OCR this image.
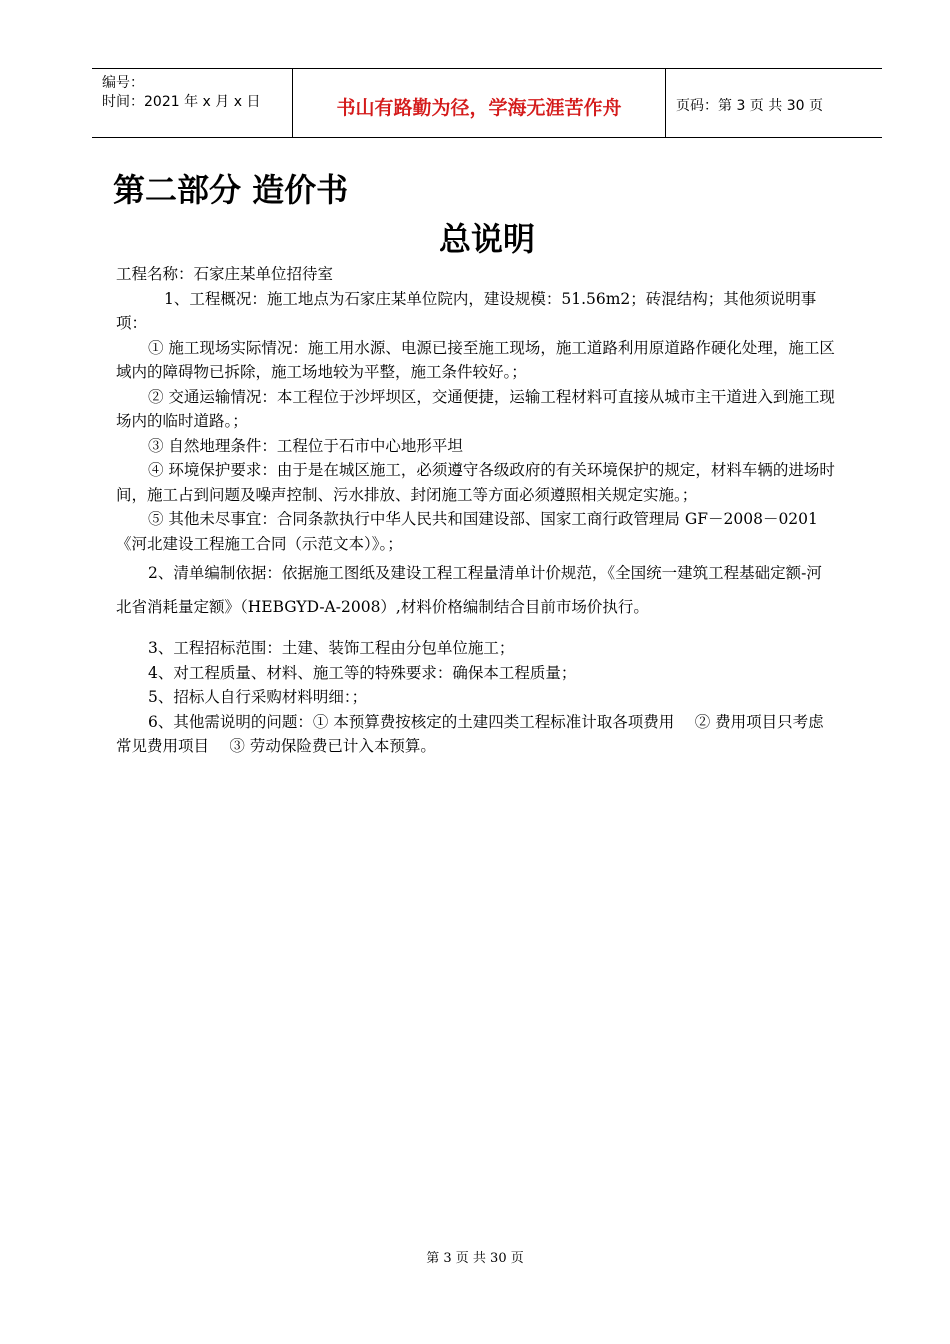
编号：
时间：2021 年 x 月 x 日	书山有路勤为径，学海无涯苦作舟	页码：第 3 页 共 30 页
第二部分 造价书
总说明

工程名称：石家庄某单位招待室

1、工程概况：施工地点为石家庄某单位院内，建设规模：51.56m2；砖混结构；其他须说明事项：

① 施工现场实际情况：施工用水源、电源已接至施工现场，施工道路利用原道路作硬化处理，施工区域内的障碍物已拆除，施工场地较为平整，施工条件较好。；

② 交通运输情况：本工程位于沙坪坝区，交通便捷，运输工程材料可直接从城市主干道进入到施工现场内的临时道路。；

③ 自然地理条件：工程位于石市中心地形平坦

④ 环境保护要求：由于是在城区施工，必须遵守各级政府的有关环境保护的规定，材料车辆的进场时间，施工占到问题及噪声控制、污水排放、封闭施工等方面必须遵照相关规定实施。；

⑤ 其他未尽事宜：合同条款执行中华人民共和国建设部、国家工商行政管理局 GF－2008－0201《河北建设工程施工合同（示范文本）》。；

2、清单编制依据：依据施工图纸及建设工程工程量清单计价规范，《全国统一建筑工程基础定额-河北省消耗量定额》（HEBGYD-A-2008）,材料价格编制结合目前市场价执行。

3、工程招标范围：土建、装饰工程由分包单位施工；

4、对工程质量、材料、施工等的特殊要求：确保本工程质量；

5、招标人自行采购材料明细：；

6、其他需说明的问题：① 本预算费按核定的土建四类工程标准计取各项费用　 ② 费用项目只考虑常见费用项目　 ③ 劳动保险费已计入本预算。

第 3 页 共 30 页
